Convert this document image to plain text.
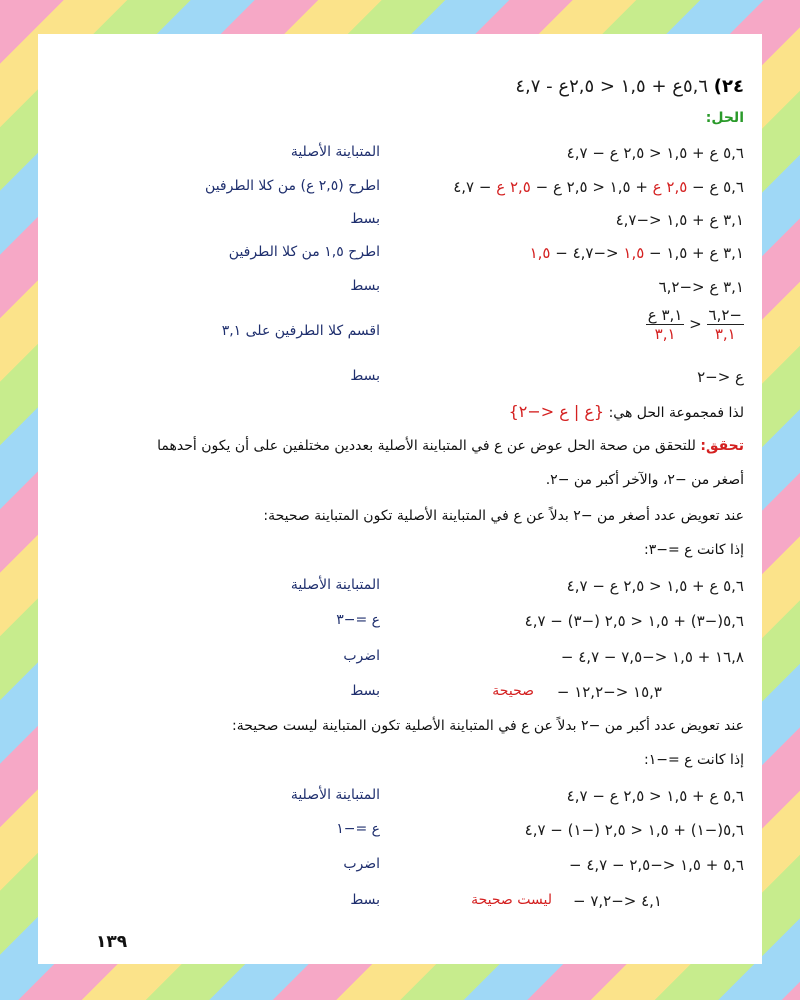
٢٤) ٥,٦ع + ١,٥ < ٢,٥ع - ٤,٧
الحل:
٥,٦ ع + ١,٥ < ٢,٥ ع − ٤,٧
المتباينة الأصلية
٥,٦ ع − ٢,٥ ع + ١,٥ < ٢,٥ ع − ٢,٥ ع − ٤,٧
اطرح (٢,٥ ع) من كلا الطرفين
٣,١ ع + ١,٥ <−٤,٧
بسط
٣,١ ع + ١,٥ − ١,٥ <−٤,٧ − ١,٥
اطرح ١,٥ من كلا الطرفين
٣,١ ع <−٦,٢
بسط
$\frac{\text{٣,١ ع}}{٣,١} > \frac{-٦,٢}{٣,١}$
اقسم كلا الطرفين على ٣,١
ع <−٢
بسط
لذا فمجموعة الحل هي: {ع | ع <−٢}
تحقق: للتحقق من صحة الحل عوض عن ع في المتباينة الأصلية بعددين مختلفين على أن يكون أحدهما
أصغر من −٢، والآخر أكبر من −٢.
عند تعويض عدد أصغر من −٢ بدلاً عن ع في المتباينة الأصلية تكون المتباينة صحيحة:
إذا كانت ع =−٣:
٥,٦ ع + ١,٥ < ٢,٥ ع − ٤,٧
المتباينة الأصلية
٥,٦(−٣) + ١,٥ < ٢,٥ (−٣) − ٤,٧
ع =−٣
− ١٦,٨ + ١,٥ <−٧,٥ − ٤,٧
اضرب
− ١٥,٣ <−١٢,٢
صحيحة
بسط
عند تعويض عدد أكبر من −٢ بدلاً عن ع في المتباينة الأصلية تكون المتباينة ليست صحيحة:
إذا كانت ع =−١:
٥,٦ ع + ١,٥ < ٢,٥ ع − ٤,٧
المتباينة الأصلية
٥,٦(−١) + ١,٥ < ٢,٥ (−١) − ٤,٧
ع =−١
− ٥,٦ + ١,٥ <−٢,٥ − ٤,٧
اضرب
− ٤,١ <−٧,٢
ليست صحيحة
بسط
١٣٩
